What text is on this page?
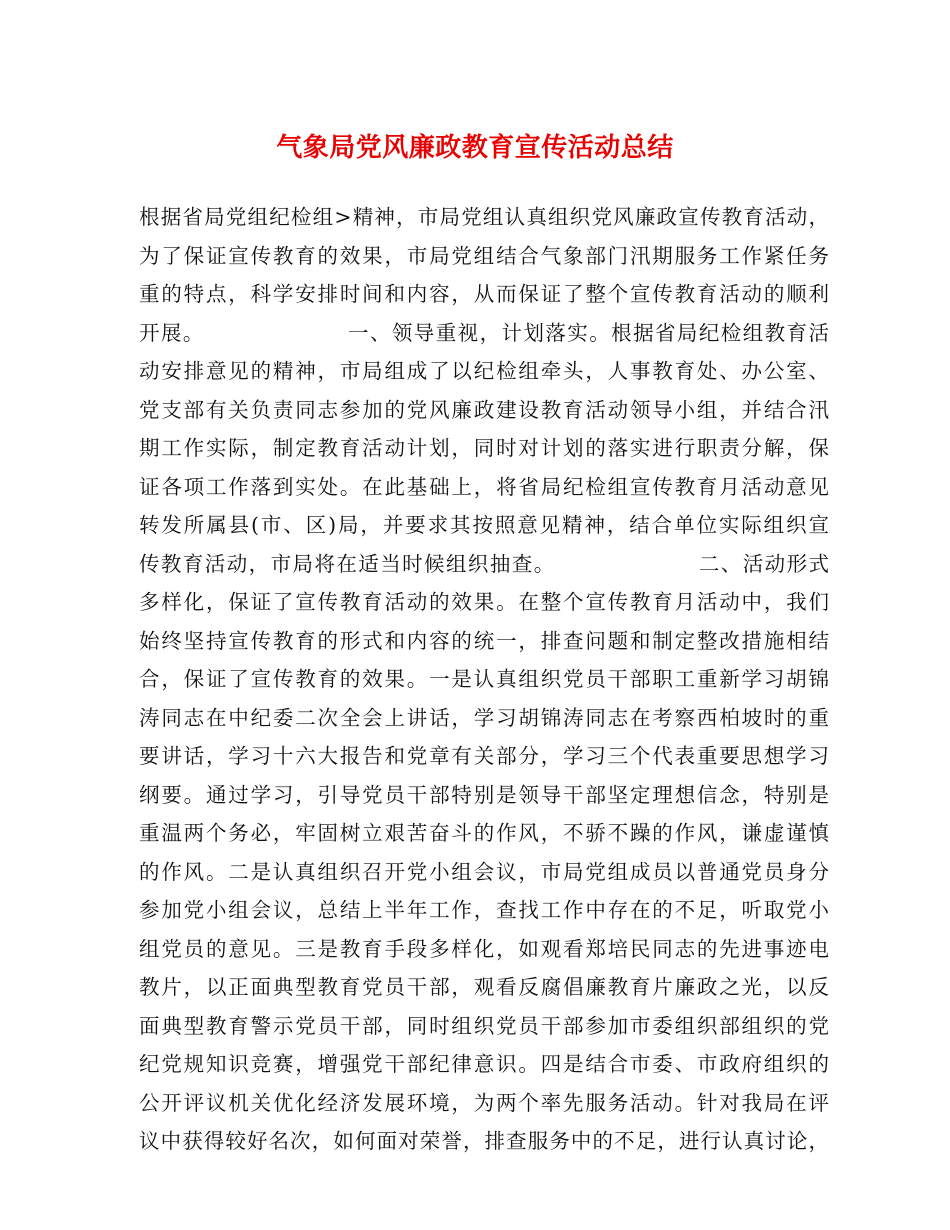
气象局党风廉政教育宣传活动总结
根据省局党组纪检组>精神，市局党组认真组织党风廉政宣传教育活动，
为了保证宣传教育的效果，市局党组结合气象部门汛期服务工作紧任务
重的特点，科学安排时间和内容，从而保证了整个宣传教育活动的顺利
开展。　　　　　　　一、领导重视，计划落实。根据省局纪检组教育活
动安排意见的精神，市局组成了以纪检组牵头，人事教育处、办公室、
党支部有关负责同志参加的党风廉政建设教育活动领导小组，并结合汛
期工作实际，制定教育活动计划，同时对计划的落实进行职责分解，保
证各项工作落到实处。在此基础上，将省局纪检组宣传教育月活动意见
转发所属县(市、区)局，并要求其按照意见精神，结合单位实际组织宣
传教育活动，市局将在适当时候组织抽查。　　　　　　　二、活动形式
多样化，保证了宣传教育活动的效果。在整个宣传教育月活动中，我们
始终坚持宣传教育的形式和内容的统一，排查问题和制定整改措施相结
合，保证了宣传教育的效果。一是认真组织党员干部职工重新学习胡锦
涛同志在中纪委二次全会上讲话，学习胡锦涛同志在考察西柏坡时的重
要讲话，学习十六大报告和党章有关部分，学习三个代表重要思想学习
纲要。通过学习，引导党员干部特别是领导干部坚定理想信念，特别是
重温两个务必，牢固树立艰苦奋斗的作风，不骄不躁的作风，谦虚谨慎
的作风。二是认真组织召开党小组会议，市局党组成员以普通党员身分
参加党小组会议，总结上半年工作，查找工作中存在的不足，听取党小
组党员的意见。三是教育手段多样化，如观看郑培民同志的先进事迹电
教片，以正面典型教育党员干部，观看反腐倡廉教育片廉政之光，以反
面典型教育警示党员干部，同时组织党员干部参加市委组织部组织的党
纪党规知识竞赛，增强党干部纪律意识。四是结合市委、市政府组织的
公开评议机关优化经济发展环境，为两个率先服务活动。针对我局在评
议中获得较好名次，如何面对荣誉，排查服务中的不足，进行认真讨论，
